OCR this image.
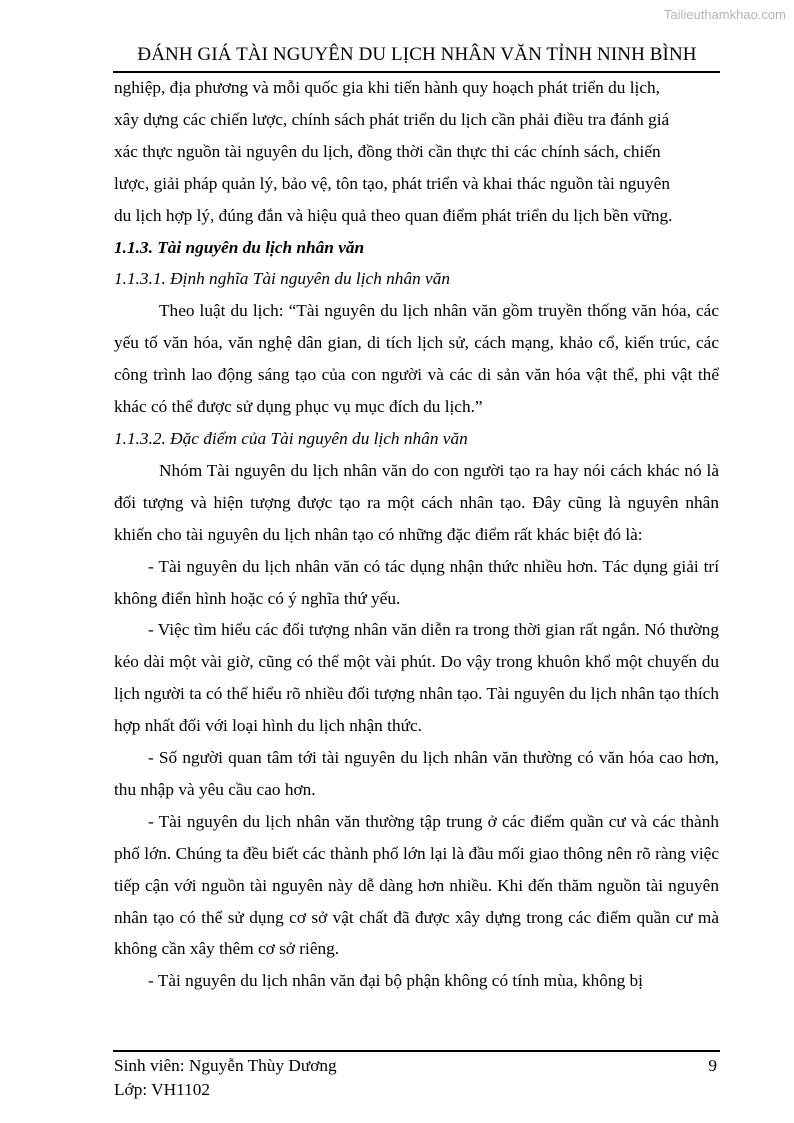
Tailieuthamkhao.com
ĐÁNH GIÁ TÀI NGUYÊN DU LỊCH NHÂN VĂN TỈNH NINH BÌNH

nghiệp, địa phương và mỗi quốc gia khi tiến hành quy hoạch phát triển du lịch,

xây dựng các chiến lược, chính sách phát triển du lịch cần phải điều tra đánh giá

xác thực nguồn tài nguyên du lịch, đồng thời cần thực thi các chính sách, chiến

lược, giải pháp quản lý, bảo vệ, tôn tạo, phát triển và khai thác nguồn tài nguyên

du lịch hợp lý, đúng đắn và hiệu quả theo quan điểm phát triển du lịch bền vững.

1.1.3. Tài nguyên du lịch nhân văn

1.1.3.1. Định nghĩa Tài nguyên du lịch nhân văn

Theo luật du lịch: “Tài nguyên du lịch nhân văn gồm truyền thống văn hóa, các yếu tố văn hóa, văn nghệ dân gian, di tích lịch sử, cách mạng, khảo cổ, kiến trúc, các công trình lao động sáng tạo của con người và các di sản văn hóa vật thể, phi vật thể khác có thể được sử dụng phục vụ mục đích du lịch.”

1.1.3.2. Đặc điểm của Tài nguyên du lịch nhân văn

Nhóm Tài nguyên du lịch nhân văn do con người tạo ra hay nói cách khác nó là đối tượng và hiện tượng được tạo ra một cách nhân tạo. Đây cũng là nguyên nhân khiến cho tài nguyên du lịch nhân tạo có những đặc điểm rất khác biệt đó là:

- Tài nguyên du lịch nhân văn có tác dụng nhận thức nhiều hơn. Tác dụng giải trí không điển hình hoặc có ý nghĩa thứ yếu.

- Việc tìm hiểu các đối tượng nhân văn diễn ra trong thời gian rất ngắn. Nó thường kéo dài một vài giờ, cũng có thể một vài phút. Do vậy trong khuôn khổ một chuyến du lịch người ta có thể hiểu rõ nhiều đối tượng nhân tạo. Tài nguyên du lịch nhân tạo thích hợp nhất đối với loại hình du lịch nhận thức.

- Số người quan tâm tới tài nguyên du lịch nhân văn thường có văn hóa cao hơn, thu nhập và yêu cầu cao hơn.

- Tài nguyên du lịch nhân văn thường tập trung ở các điểm quần cư và các thành phố lớn. Chúng ta đều biết các thành phố lớn lại là đầu mối giao thông nên rõ ràng việc tiếp cận với nguồn tài nguyên này dễ dàng hơn nhiều. Khi đến thăm nguồn tài nguyên nhân tạo có thể sử dụng cơ sở vật chất đã được xây dựng trong các điểm quần cư mà không cần xây thêm cơ sở riêng.

- Tài nguyên du lịch nhân văn đại bộ phận không có tính mùa, không bị

Sinh viên: Nguyễn Thùy Dương
Lớp: VH1102
9
